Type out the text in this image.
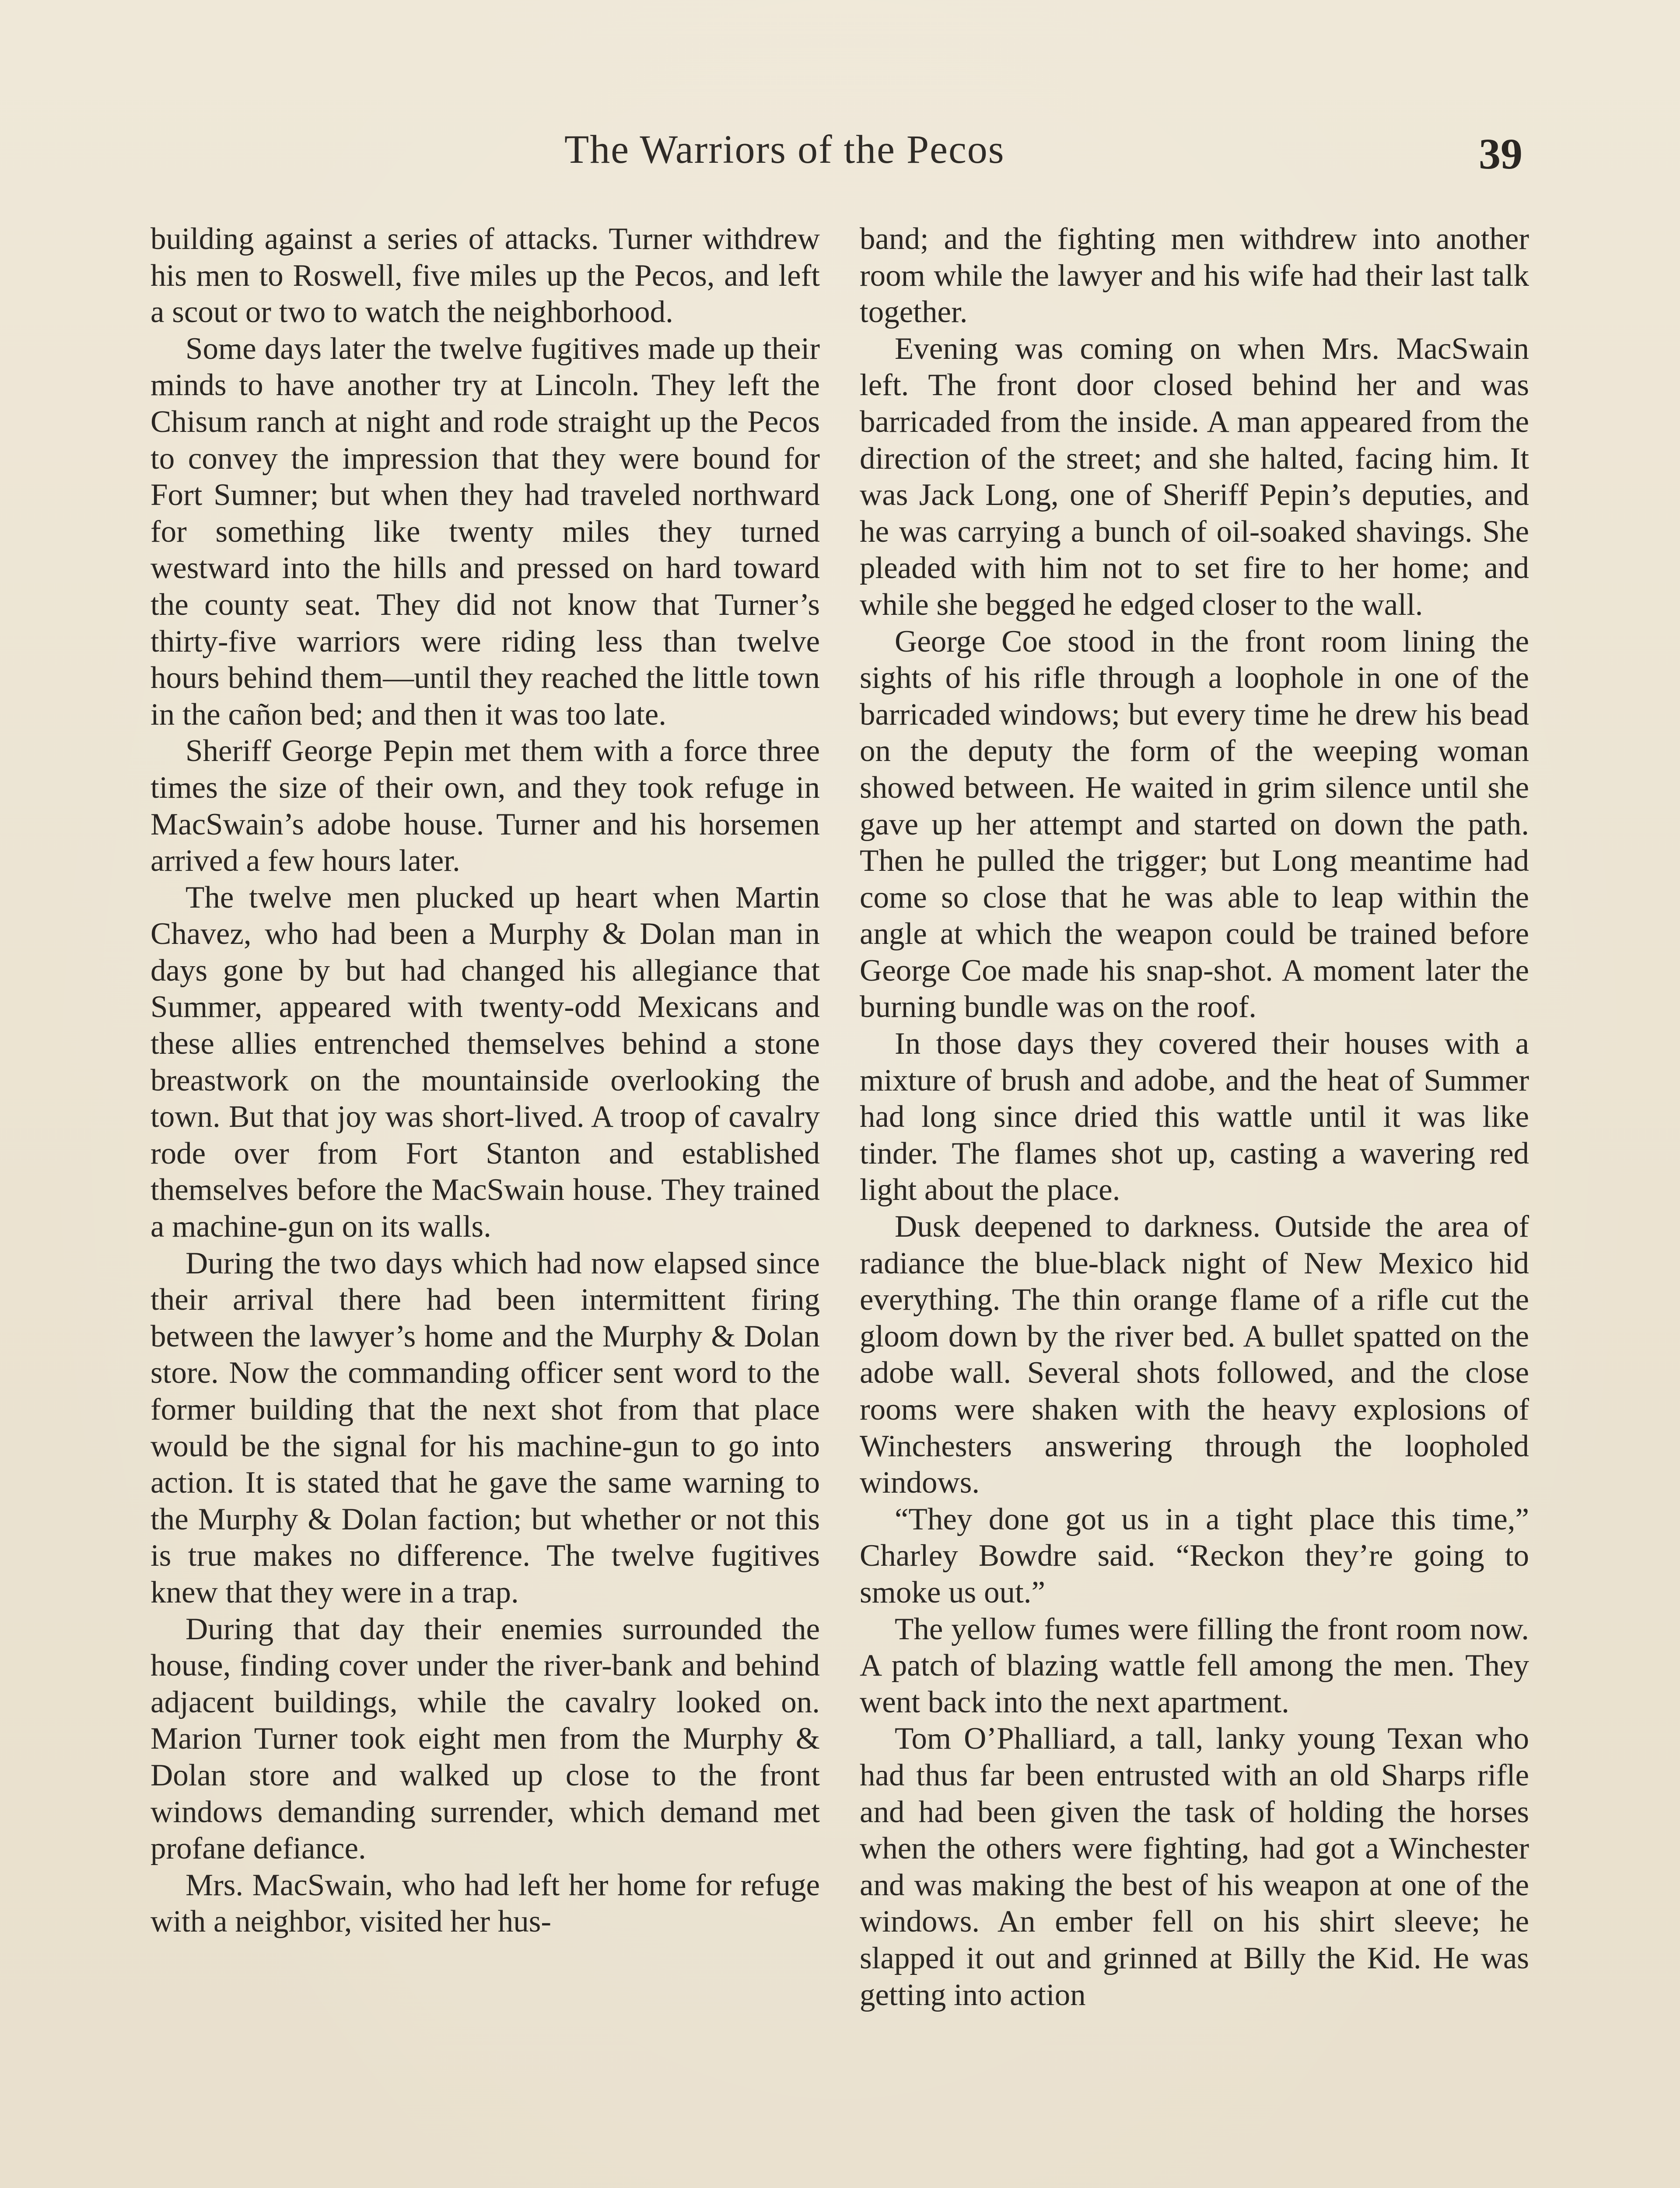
The Warriors of the Pecos	39

building against a series of attacks. Turner withdrew his men to Roswell, five miles up the Pecos, and left a scout or two to watch the neighborhood.

Some days later the twelve fugitives made up their minds to have another try at Lincoln. They left the Chisum ranch at night and rode straight up the Pecos to convey the impression that they were bound for Fort Sumner; but when they had traveled northward for something like twenty miles they turned westward into the hills and pressed on hard toward the county seat. They did not know that Turner’s thirty-five warriors were riding less than twelve hours behind them—until they reached the little town in the cañon bed; and then it was too late.

Sheriff George Pepin met them with a force three times the size of their own, and they took refuge in MacSwain’s adobe house. Turner and his horsemen arrived a few hours later.

The twelve men plucked up heart when Martin Chavez, who had been a Murphy & Dolan man in days gone by but had changed his allegiance that Summer, appeared with twenty-odd Mexicans and these allies entrenched themselves behind a stone breastwork on the mountainside overlooking the town. But that joy was short-lived. A troop of cavalry rode over from Fort Stanton and established themselves before the MacSwain house. They trained a machine-gun on its walls.

During the two days which had now elapsed since their arrival there had been intermittent firing between the lawyer’s home and the Murphy & Dolan store. Now the commanding officer sent word to the former building that the next shot from that place would be the signal for his machine-gun to go into action. It is stated that he gave the same warning to the Murphy & Dolan faction; but whether or not this is true makes no difference. The twelve fugitives knew that they were in a trap.

During that day their enemies surrounded the house, finding cover under the river-bank and behind adjacent buildings, while the cavalry looked on. Marion Turner took eight men from the Murphy & Dolan store and walked up close to the front windows demanding surrender, which demand met profane defiance.

Mrs. MacSwain, who had left her home for refuge with a neighbor, visited her hus-

band; and the fighting men withdrew into another room while the lawyer and his wife had their last talk together.

Evening was coming on when Mrs. MacSwain left. The front door closed behind her and was barricaded from the inside. A man appeared from the direction of the street; and she halted, facing him. It was Jack Long, one of Sheriff Pepin’s deputies, and he was carrying a bunch of oil-soaked shavings. She pleaded with him not to set fire to her home; and while she begged he edged closer to the wall.

George Coe stood in the front room lining the sights of his rifle through a loophole in one of the barricaded windows; but every time he drew his bead on the deputy the form of the weeping woman showed between. He waited in grim silence until she gave up her attempt and started on down the path. Then he pulled the trigger; but Long meantime had come so close that he was able to leap within the angle at which the weapon could be trained before George Coe made his snap-shot. A moment later the burning bundle was on the roof.

In those days they covered their houses with a mixture of brush and adobe, and the heat of Summer had long since dried this wattle until it was like tinder. The flames shot up, casting a wavering red light about the place.

Dusk deepened to darkness. Outside the area of radiance the blue-black night of New Mexico hid everything. The thin orange flame of a rifle cut the gloom down by the river bed. A bullet spatted on the adobe wall. Several shots followed, and the close rooms were shaken with the heavy explosions of Winchesters answering through the loopholed windows.

“They done got us in a tight place this time,” Charley Bowdre said. “Reckon they’re going to smoke us out.”

The yellow fumes were filling the front room now. A patch of blazing wattle fell among the men. They went back into the next apartment.

Tom O’Phalliard, a tall, lanky young Texan who had thus far been entrusted with an old Sharps rifle and had been given the task of holding the horses when the others were fighting, had got a Winchester and was making the best of his weapon at one of the windows. An ember fell on his shirt sleeve; he slapped it out and grinned at Billy the Kid. He was getting into action
